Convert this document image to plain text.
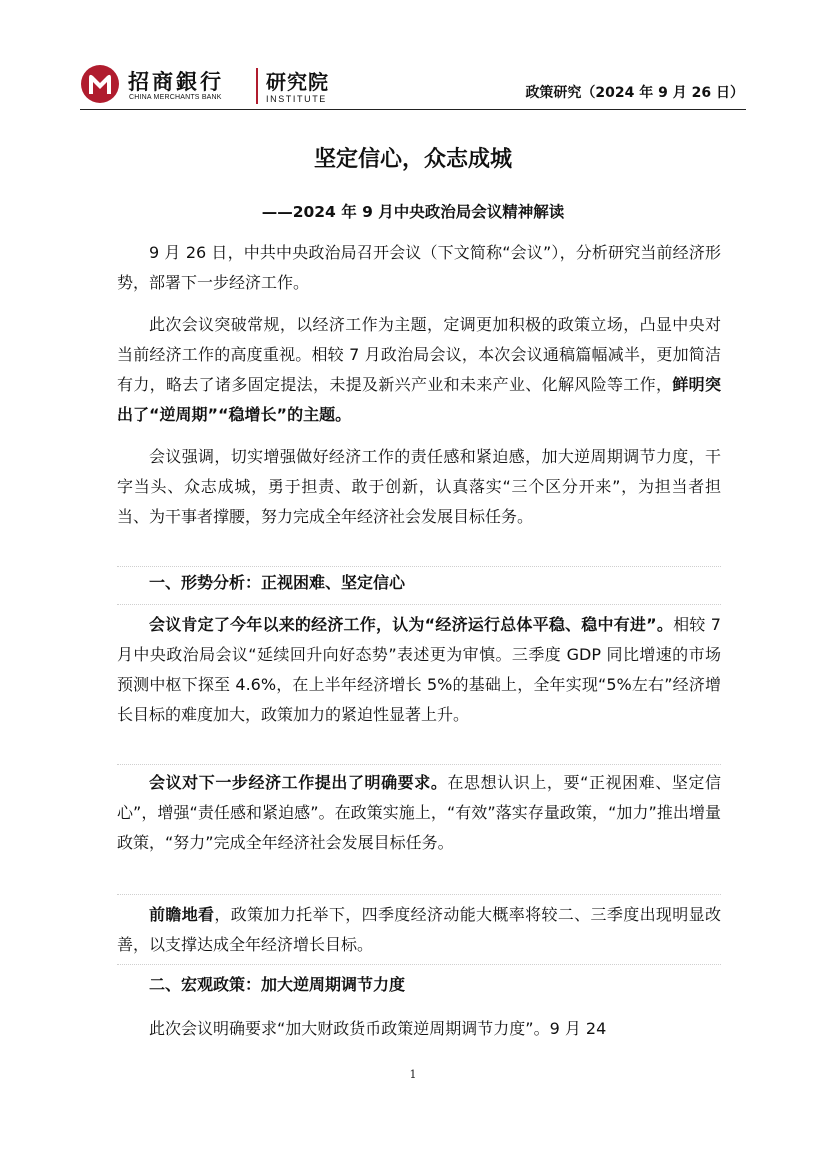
招商銀行
CHINA MERCHANTS BANK
研究院
INSTITUTE	政策研究（2024 年 9 月 26 日）
坚定信心，众志成城
——2024 年 9 月中央政治局会议精神解读
9 月 26 日，中共中央政治局召开会议（下文简称“会议”），分析研究当前经济形势，部署下一步经济工作。
此次会议突破常规，以经济工作为主题，定调更加积极的政策立场，凸显中央对当前经济工作的高度重视。相较 7 月政治局会议，本次会议通稿篇幅减半，更加简洁有力，略去了诸多固定提法，未提及新兴产业和未来产业、化解风险等工作，鲜明突出了“逆周期”“稳增长”的主题。
会议强调，切实增强做好经济工作的责任感和紧迫感，加大逆周期调节力度，干字当头、众志成城，勇于担责、敢于创新，认真落实“三个区分开来”，为担当者担当、为干事者撑腰，努力完成全年经济社会发展目标任务。
一、形势分析：正视困难、坚定信心
会议肯定了今年以来的经济工作，认为“经济运行总体平稳、稳中有进”。相较 7 月中央政治局会议“延续回升向好态势”表述更为审慎。三季度 GDP 同比增速的市场预测中枢下探至 4.6%，在上半年经济增长 5%的基础上，全年实现“5%左右”经济增长目标的难度加大，政策加力的紧迫性显著上升。
会议对下一步经济工作提出了明确要求。在思想认识上，要“正视困难、坚定信心”，增强“责任感和紧迫感”。在政策实施上，“有效”落实存量政策，“加力”推出增量政策，“努力”完成全年经济社会发展目标任务。
前瞻地看，政策加力托举下，四季度经济动能大概率将较二、三季度出现明显改善，以支撑达成全年经济增长目标。
二、宏观政策：加大逆周期调节力度
此次会议明确要求“加大财政货币政策逆周期调节力度”。9 月 24
1
